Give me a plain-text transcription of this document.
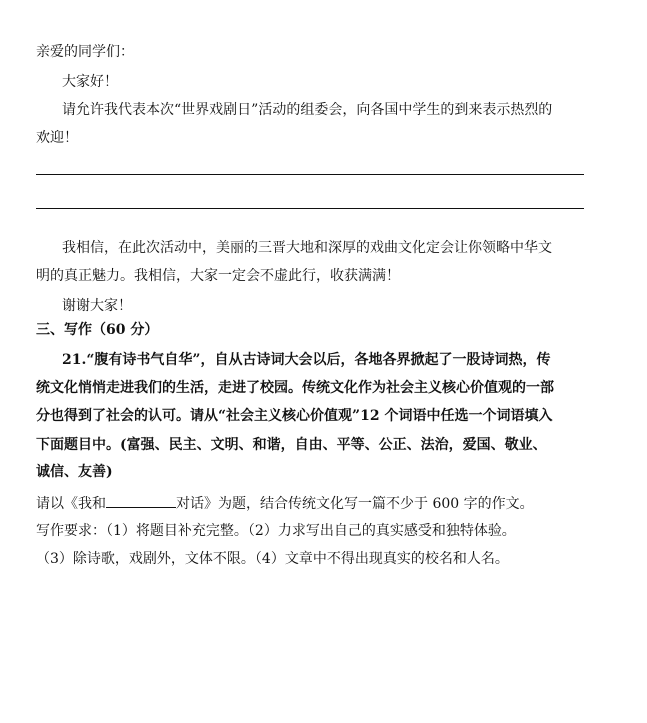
亲爱的同学们：
大家好！
请允许我代表本次“世界戏剧日”活动的组委会，向各国中学生的到来表示热烈的
欢迎！
我相信，在此次活动中，美丽的三晋大地和深厚的戏曲文化定会让你领略中华文
明的真正魅力。我相信，大家一定会不虚此行，收获满满！
谢谢大家！
三、写作（60 分）
21.“腹有诗书气自华”，自从古诗词大会以后，各地各界掀起了一股诗词热，传
统文化悄悄走进我们的生活，走进了校园。传统文化作为社会主义核心价值观的一部
分也得到了社会的认可。请从“社会主义核心价值观”12 个词语中任选一个词语填入
下面题目中。(富强、民主、文明、和谐，自由、平等、公正、法治，爱国、敬业、
诚信、友善)
请以《我和	对话》为题，结合传统文化写一篇不少于 600 字的作文。
写作要求：（1）将题目补充完整。（2）力求写出自己的真实感受和独特体验。
（3）除诗歌，戏剧外，文体不限。（4）文章中不得出现真实的校名和人名。
